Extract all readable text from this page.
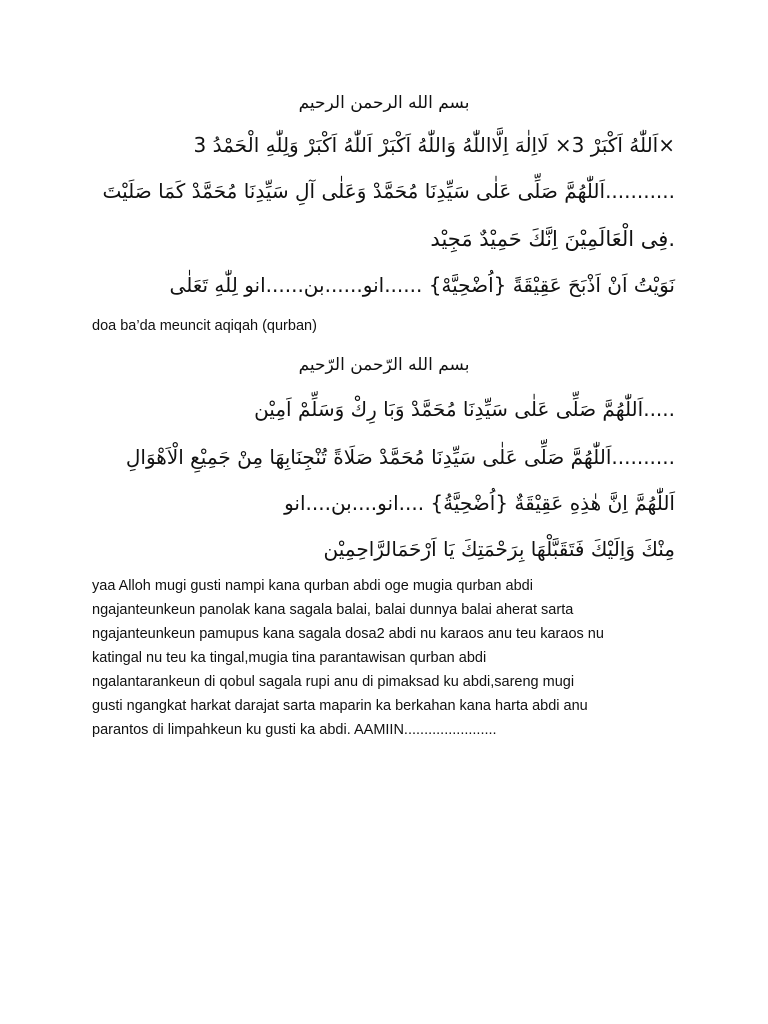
بسم الله الرحمن الرحيم
×اَللّٰهُ اَكْبَرْ 3× لَااِلٰهَ اِلَّااللّٰهُ وَاللّٰهُ اَكْبَرْ اَللّٰهُ اَكْبَرْ وَلِلّٰهِ الْحَمْدُ 3
...........اَللّٰهُمَّ صَلِّى عَلٰى سَيِّدِنَا مُحَمَّدْ وَعَلٰى آلِ سَيِّدِنَا مُحَمَّدْ كَمَا صَلَيْتَ
.فِى الْعَالَمِيْنَ اِنَّكَ حَمِيْدٌ مَجِيْد
نَوَيْتُ اَنْ اَذْبَحَ عَقِيْقَةً {اُضْحِيَّهْ} ......انو......بن......انو لِلّٰهِ تَعَلٰى
doa ba’da meuncit aqiqah (qurban)
بسم الله الرّحمن الرّحيم
.....اَللّٰهُمَّ صَلِّى عَلٰى سَيِّدِنَا مُحَمَّدْ وَبَا رِكْ وَسَلِّمْ اَمِيْن
..........اَللّٰهُمَّ صَلِّى عَلٰى سَيِّدِنَا مُحَمَّدْ صَلَاةً تُنْجِنَابِهَا مِنْ جَمِيْعِ الْاَهْوَالِ
اَللّٰهُمَّ اِنَّ هٰذِهِ عَقِيْقَةٌ {اُضْحِيَّةُ} ....انو....بن....انو
مِنْكَ وَاِلَيْكَ فَتَقَبَّلْهَا بِرَحْمَتِكَ يَا اَرْحَمَالرَّاحِمِيْن
yaa Alloh mugi gusti nampi kana qurban abdi oge mugia qurban abdi
ngajanteunkeun panolak kana sagala balai, balai dunnya balai aherat sarta
ngajanteunkeun pamupus kana sagala dosa2 abdi nu karaos anu teu karaos nu
katingal nu teu ka tingal,mugia tina parantawisan qurban abdi
ngalantarankeun di qobul sagala rupi anu di pimaksad ku abdi,sareng mugi
gusti ngangkat harkat darajat sarta maparin ka berkahan kana harta abdi anu
parantos di limpahkeun ku gusti ka abdi. AAMIIN.......................
